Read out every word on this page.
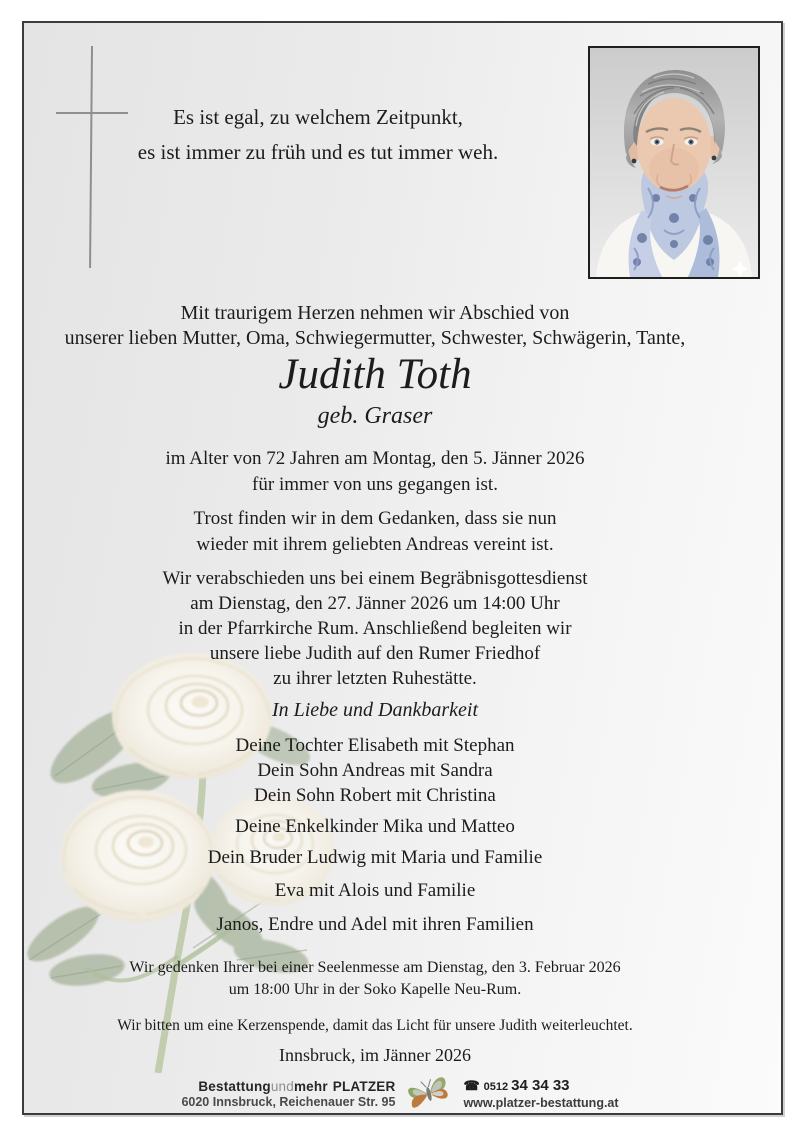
Es ist egal, zu welchem Zeitpunkt,
es ist immer zu früh und es tut immer weh.
Mit traurigem Herzen nehmen wir Abschied von
unserer lieben Mutter, Oma, Schwiegermutter, Schwester, Schwägerin, Tante,
Judith Toth
geb. Graser
im Alter von 72 Jahren am Montag, den 5. Jänner 2026
für immer von uns gegangen ist.
Trost finden wir in dem Gedanken, dass sie nun
wieder mit ihrem geliebten Andreas vereint ist.
Wir verabschieden uns bei einem Begräbnisgottesdienst
am Dienstag, den 27. Jänner 2026 um 14:00 Uhr
in der Pfarrkirche Rum. Anschließend begleiten wir
unsere liebe Judith auf den Rumer Friedhof
zu ihrer letzten Ruhestätte.
In Liebe und Dankbarkeit
Deine Tochter Elisabeth mit Stephan
Dein Sohn Andreas mit Sandra
Dein Sohn Robert mit Christina
Deine Enkelkinder Mika und Matteo
Dein Bruder Ludwig mit Maria und Familie
Eva mit Alois und Familie
Janos, Endre und Adel mit ihren Familien
Wir gedenken Ihrer bei einer Seelenmesse am Dienstag, den 3. Februar 2026
um 18:00 Uhr in der Soko Kapelle Neu-Rum.
Wir bitten um eine Kerzenspende, damit das Licht für unsere Judith weiterleuchtet.
Innsbruck, im Jänner 2026
Bestattungundmehr PLATZER
6020 Innsbruck, Reichenauer Str. 95
☎ 0512 34 34 33
www.platzer-bestattung.at
